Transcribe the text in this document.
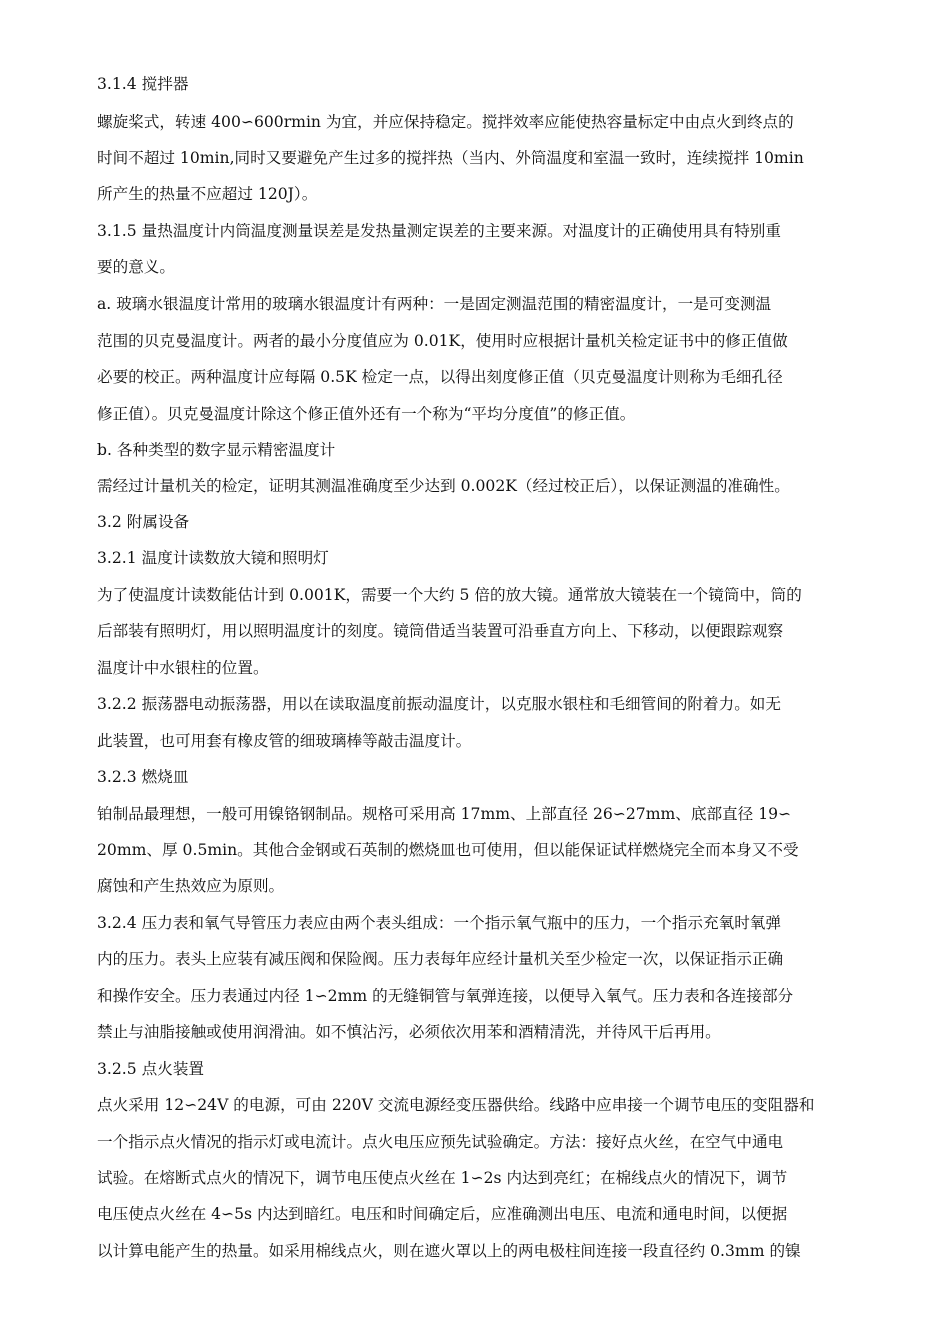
3.1.4 搅拌器
螺旋桨式，转速 400∽600rmin 为宜，并应保持稳定。搅拌效率应能使热容量标定中由点火到终点的
时间不超过 10min,同时又要避免产生过多的搅拌热（当内、外筒温度和室温一致时，连续搅拌 10min
所产生的热量不应超过 120J）。
3.1.5 量热温度计内筒温度测量误差是发热量测定误差的主要来源。对温度计的正确使用具有特别重
要的意义。
a. 玻璃水银温度计常用的玻璃水银温度计有两种：一是固定测温范围的精密温度计，一是可变测温
范围的贝克曼温度计。两者的最小分度值应为 0.01K，使用时应根据计量机关检定证书中的修正值做
必要的校正。两种温度计应每隔 0.5K 检定一点，以得出刻度修正值（贝克曼温度计则称为毛细孔径
修正值）。贝克曼温度计除这个修正值外还有一个称为“平均分度值”的修正值。
b. 各种类型的数字显示精密温度计
需经过计量机关的检定，证明其测温准确度至少达到 0.002K（经过校正后），以保证测温的准确性。
3.2 附属设备
3.2.1 温度计读数放大镜和照明灯
为了使温度计读数能估计到 0.001K，需要一个大约 5 倍的放大镜。通常放大镜装在一个镜筒中，筒的
后部装有照明灯，用以照明温度计的刻度。镜筒借适当装置可沿垂直方向上、下移动，以便跟踪观察
温度计中水银柱的位置。
3.2.2 振荡器电动振荡器，用以在读取温度前振动温度计，以克服水银柱和毛细管间的附着力。如无
此装置，也可用套有橡皮管的细玻璃棒等敲击温度计。
3.2.3 燃烧皿
铂制品最理想，一般可用镍铬钢制品。规格可采用高 17mm、上部直径 26∽27mm、底部直径 19∽
20mm、厚 0.5min。其他合金钢或石英制的燃烧皿也可使用，但以能保证试样燃烧完全而本身又不受
腐蚀和产生热效应为原则。
3.2.4 压力表和氧气导管压力表应由两个表头组成：一个指示氧气瓶中的压力，一个指示充氧时氧弹
内的压力。表头上应装有减压阀和保险阀。压力表每年应经计量机关至少检定一次，以保证指示正确
和操作安全。压力表通过内径 1∽2mm 的无缝铜管与氧弹连接，以便导入氧气。压力表和各连接部分
禁止与油脂接触或使用润滑油。如不慎沾污，必须依次用苯和酒精清洗，并待风干后再用。
3.2.5 点火装置
点火采用 12∽24V 的电源，可由 220V 交流电源经变压器供给。线路中应串接一个调节电压的变阻器和
一个指示点火情况的指示灯或电流计。点火电压应预先试验确定。方法：接好点火丝，在空气中通电
试验。在熔断式点火的情况下，调节电压使点火丝在 1∽2s 内达到亮红；在棉线点火的情况下，调节
电压使点火丝在 4∽5s 内达到暗红。电压和时间确定后，应准确测出电压、电流和通电时间，以便据
以计算电能产生的热量。如采用棉线点火，则在遮火罩以上的两电极柱间连接一段直径约 0.3mm 的镍
